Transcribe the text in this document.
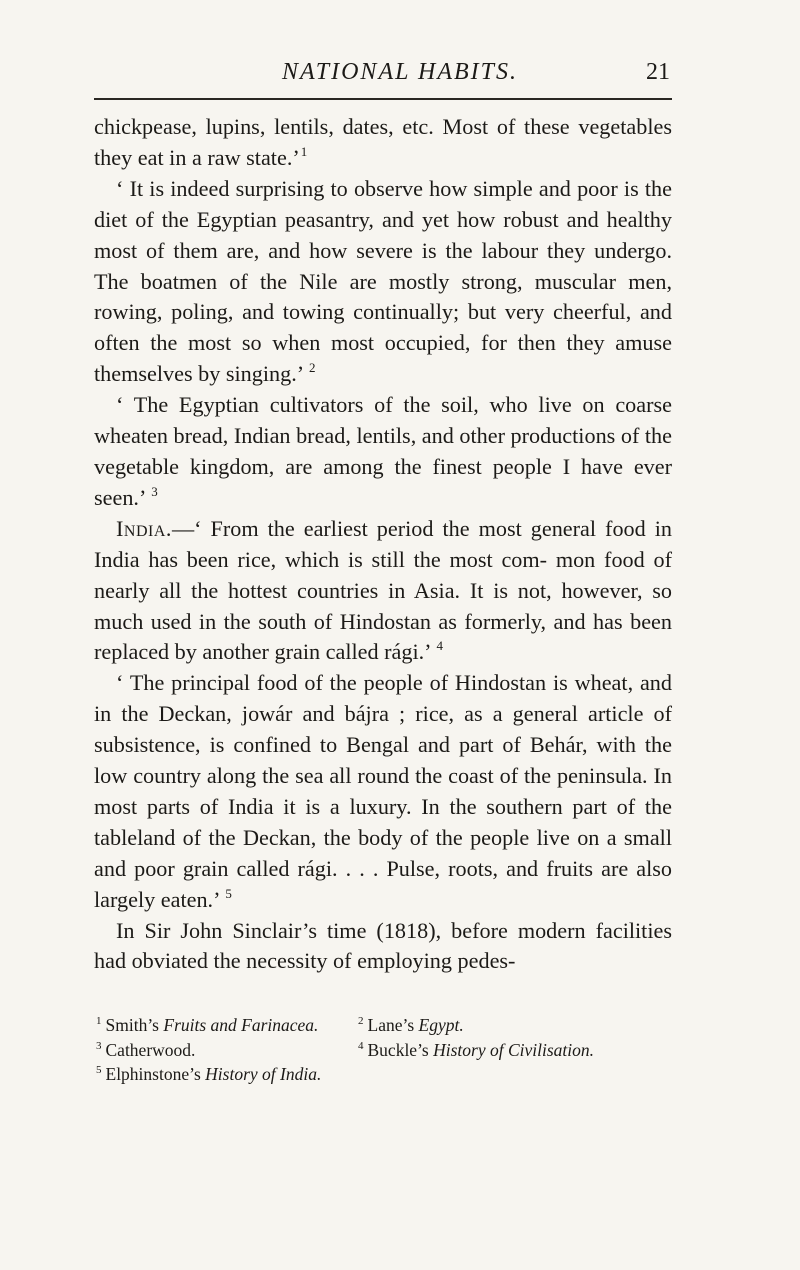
NATIONAL HABITS.	21

chickpease, lupins, lentils, dates, etc. Most of these vegetables they eat in a raw state.’$^1$

‘ It is indeed surprising to observe how simple and poor is the diet of the Egyptian peasantry, and yet how robust and healthy most of them are, and how severe is the labour they undergo. The boatmen of the Nile are mostly strong, muscular men, rowing, poling, and towing continually; but very cheerful, and often the most so when most occupied, for then they amuse themselves by singing.’ $^2$

‘ The Egyptian cultivators of the soil, who live on coarse wheaten bread, Indian bread, lentils, and other productions of the vegetable kingdom, are among the finest people I have ever seen.’ $^3$

India.—‘ From the earliest period the most general food in India has been rice, which is still the most com- mon food of nearly all the hottest countries in Asia. It is not, however, so much used in the south of Hindostan as formerly, and has been replaced by another grain called rági.’ $^4$

‘ The principal food of the people of Hindostan is wheat, and in the Deckan, jowár and bájra ; rice, as a general article of subsistence, is confined to Bengal and part of Behár, with the low country along the sea all round the coast of the peninsula. In most parts of India it is a luxury. In the southern part of the tableland of the Deckan, the body of the people live on a small and poor grain called rági. . . . Pulse, roots, and fruits are also largely eaten.’ $^5$

In Sir John Sinclair’s time (1818), before modern facilities had obviated the necessity of employing pedes-

$^1$ Smith’s Fruits and Farinacea.	$^2$ Lane’s Egypt.
$^3$ Catherwood.	$^4$ Buckle’s History of Civilisation.
$^5$ Elphinstone’s History of India.
